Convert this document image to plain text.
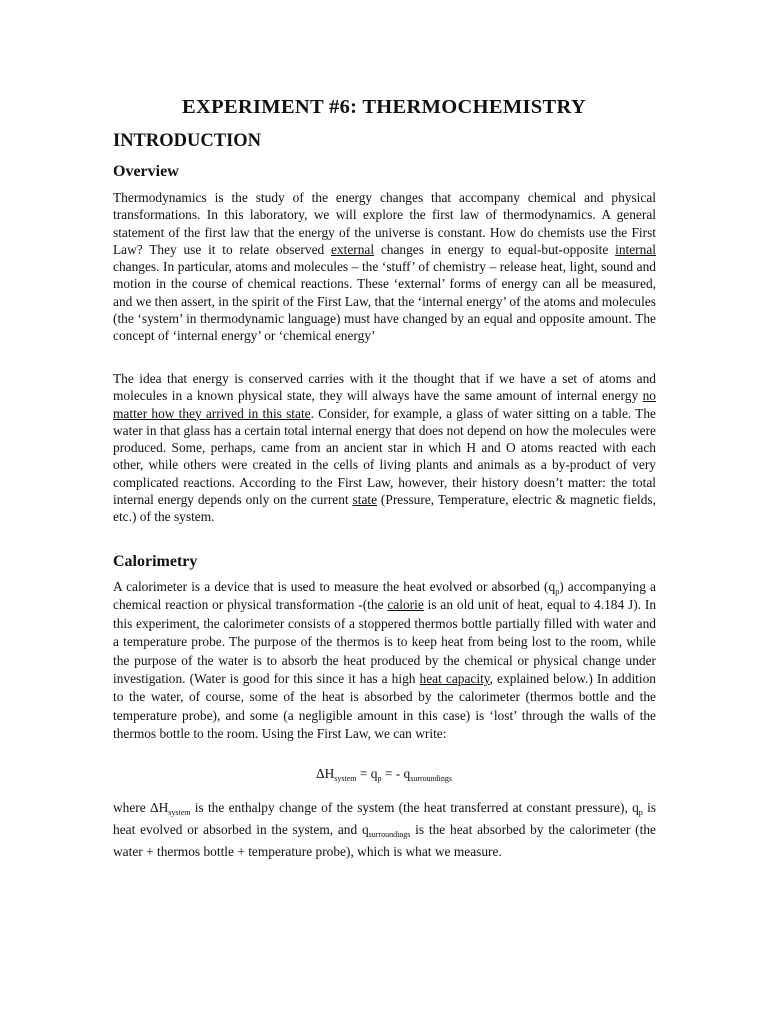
EXPERIMENT #6: THERMOCHEMISTRY
INTRODUCTION
Overview

Thermodynamics is the study of the energy changes that accompany chemical and physical transformations. In this laboratory, we will explore the first law of thermodynamics. A general statement of the first law that the energy of the universe is constant. How do chemists use the First Law? They use it to relate observed external changes in energy to equal-but-opposite internal changes. In particular, atoms and molecules – the ‘stuff’ of chemistry – release heat, light, sound and motion in the course of chemical reactions. These ‘external’ forms of energy can all be measured, and we then assert, in the spirit of the First Law, that the ‘internal energy’ of the atoms and molecules (the ‘system’ in thermodynamic language) must have changed by an equal and opposite amount. The concept of ‘internal energy’ or ‘chemical energy’

The idea that energy is conserved carries with it the thought that if we have a set of atoms and molecules in a known physical state, they will always have the same amount of internal energy no matter how they arrived in this state. Consider, for example, a glass of water sitting on a table. The water in that glass has a certain total internal energy that does not depend on how the molecules were produced. Some, perhaps, came from an ancient star in which H and O atoms reacted with each other, while others were created in the cells of living plants and animals as a by-product of very complicated reactions. According to the First Law, however, their history doesn’t matter: the total internal energy depends only on the current state (Pressure, Temperature, electric & magnetic fields, etc.) of the system.

Calorimetry

A calorimeter is a device that is used to measure the heat evolved or absorbed $(q_p)$ accompanying a chemical reaction or physical transformation -(the calorie is an old unit of heat, equal to 4.184 J). In this experiment, the calorimeter consists of a stoppered thermos bottle partially filled with water and a temperature probe. The purpose of the thermos is to keep heat from being lost to the room, while the purpose of the water is to absorb the heat produced by the chemical or physical change under investigation. (Water is good for this since it has a high heat capacity, explained below.) In addition to the water, of course, some of the heat is absorbed by the calorimeter (thermos bottle and the temperature probe), and some (a negligible amount in this case) is ‘lost’ through the walls of the thermos bottle to the room. Using the First Law, we can write:

$\Delta H_{system} = q_p$ = - $q_{surroundings}$

where $\Delta H_{system}$ is the enthalpy change of the system (the heat transferred at constant pressure), $q_p$ is heat evolved or absorbed in the system, and $q_{surroundings}$ is the heat absorbed by the calorimeter (the water + thermos bottle + temperature probe), which is what we measure.
